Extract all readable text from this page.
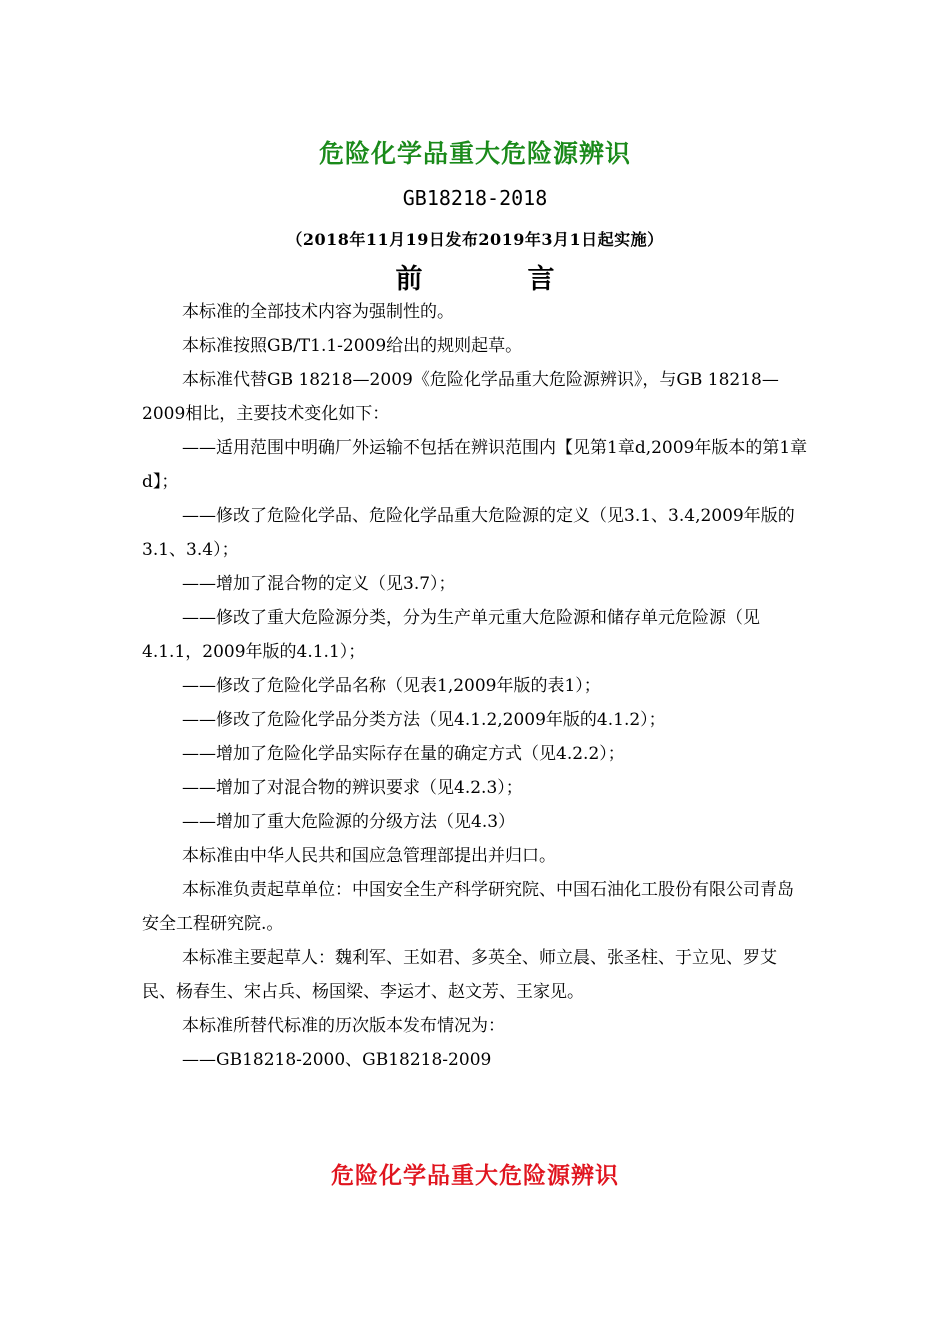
危险化学品重大危险源辨识
GB18218-2018
（2018年11月19日发布2019年3月1日起实施）
前	言

本标准的全部技术内容为强制性的。

本标准按照GB/T1.1-2009给出的规则起草。

本标准代替GB 18218—2009《危险化学品重大危险源辨识》，与GB 18218—2009相比，主要技术变化如下：

——适用范围中明确厂外运输不包括在辨识范围内【见第1章d,2009年版本的第1章d】；

——修改了危险化学品、危险化学品重大危险源的定义（见3.1、3.4,2009年版的3.1、3.4）；

——增加了混合物的定义（见3.7）；

——修改了重大危险源分类，分为生产单元重大危险源和储存单元危险源（见4.1.1，2009年版的4.1.1）；

——修改了危险化学品名称（见表1,2009年版的表1）；

——修改了危险化学品分类方法（见4.1.2,2009年版的4.1.2）；

——增加了危险化学品实际存在量的确定方式（见4.2.2）；

——增加了对混合物的辨识要求（见4.2.3）；

——增加了重大危险源的分级方法（见4.3）

本标准由中华人民共和国应急管理部提出并归口。

本标准负责起草单位：中国安全生产科学研究院、中国石油化工股份有限公司青岛安全工程研究院.。

本标准主要起草人：魏利军、王如君、多英全、师立晨、张圣柱、于立见、罗艾民、杨春生、宋占兵、杨国梁、李运才、赵文芳、王家见。

本标准所替代标准的历次版本发布情况为：

——GB18218-2000、GB18218-2009

危险化学品重大危险源辨识
